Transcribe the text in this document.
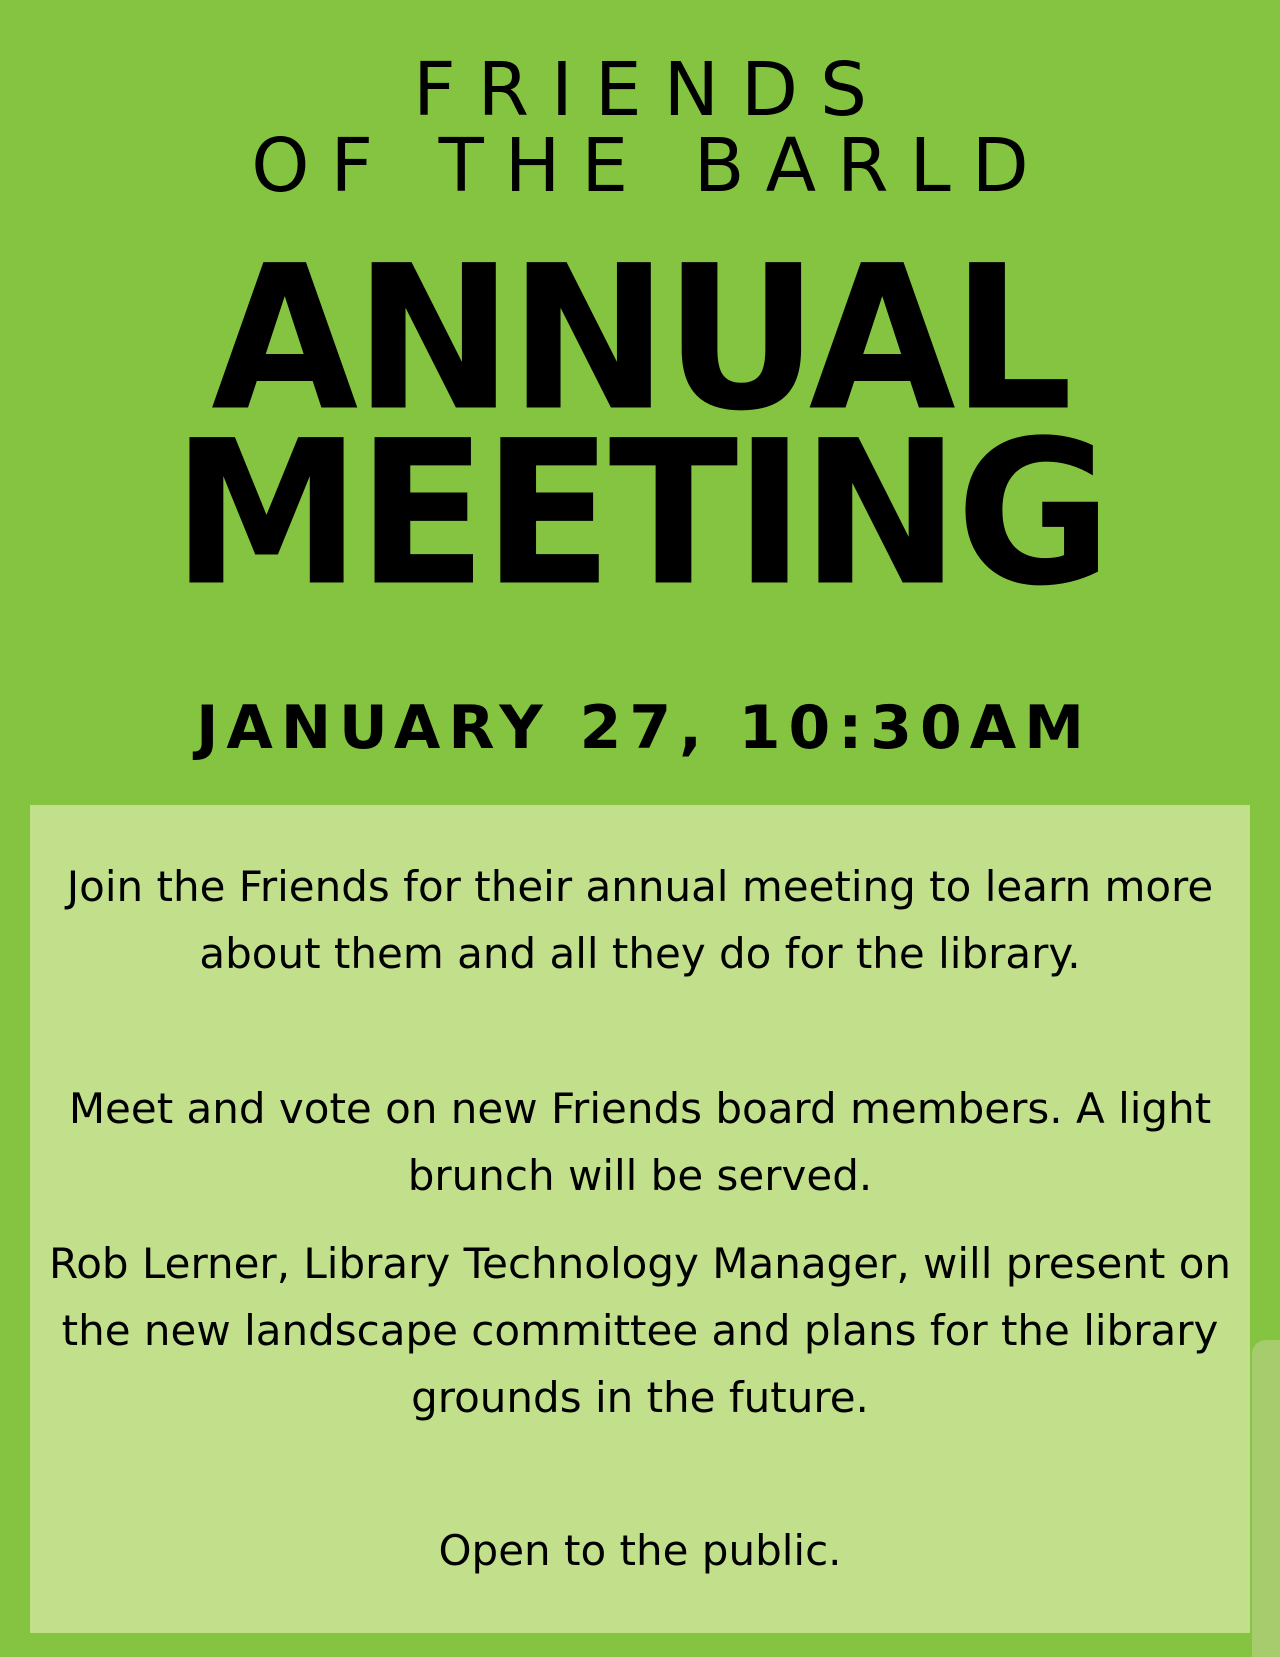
FRIENDS
OF THE BARLD
ANNUAL
MEETING
JANUARY 27, 10:30AM

Join the Friends for their annual meeting to learn more about them and all they do for the library.

Meet and vote on new Friends board members. A light brunch will be served.

Rob Lerner, Library Technology Manager, will present on the new landscape committee and plans for the library grounds in the future.

Open to the public.
